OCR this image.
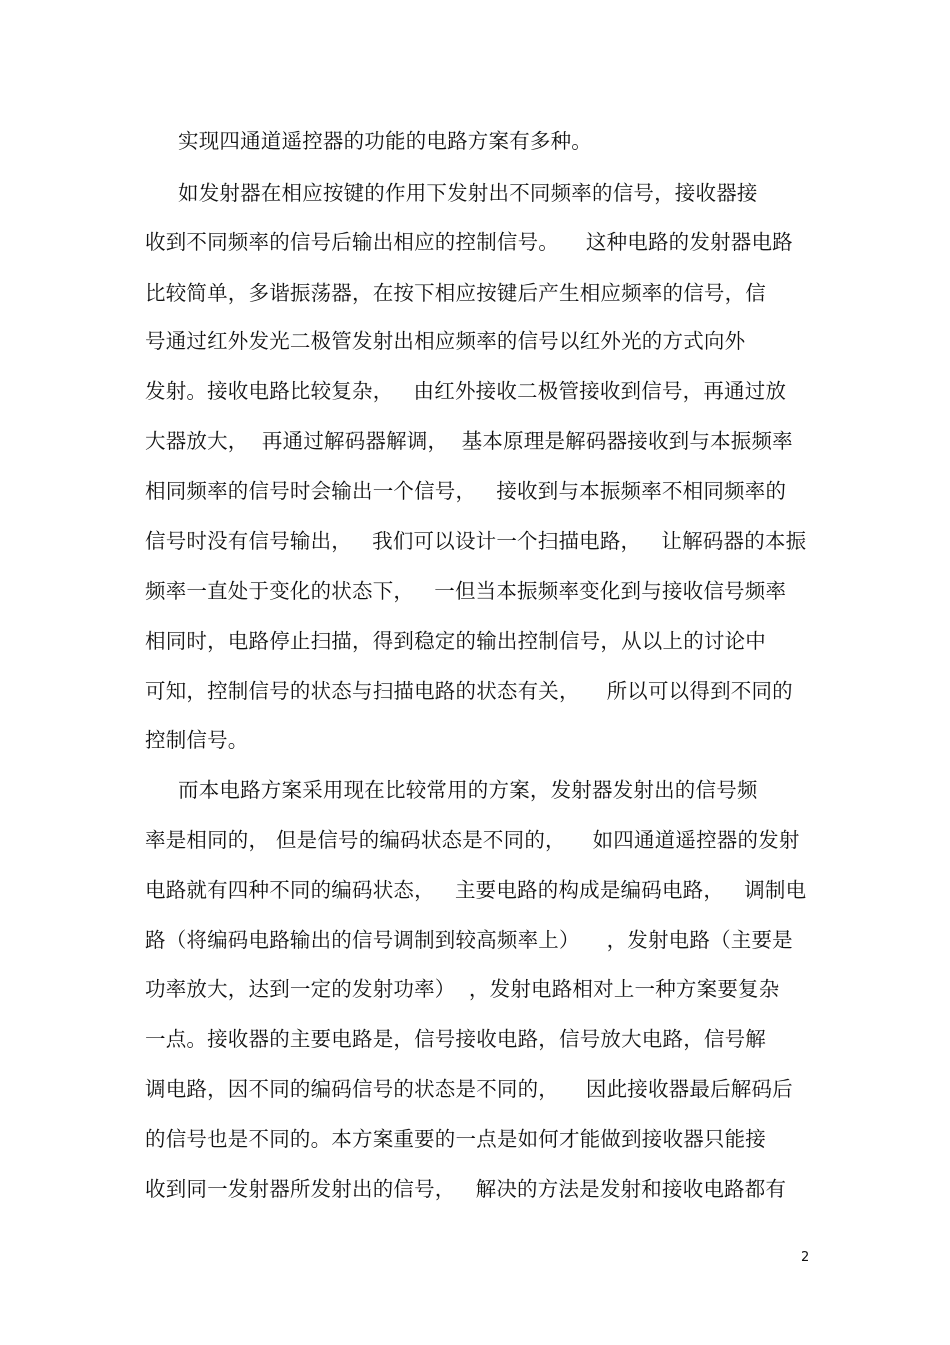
实现四通道遥控器的功能的电路方案有多种。
如发射器在相应按键的作用下发射出不同频率的信号，接收器接
收到不同频率的信号后输出相应的控制信号。    这种电路的发射器电路
比较简单，多谐振荡器，在按下相应按键后产生相应频率的信号，信
号通过红外发光二极管发射出相应频率的信号以红外光的方式向外
发射。接收电路比较复杂，   由红外接收二极管接收到信号，再通过放
大器放大，  再通过解码器解调，  基本原理是解码器接收到与本振频率
相同频率的信号时会输出一个信号，   接收到与本振频率不相同频率的
信号时没有信号输出，   我们可以设计一个扫描电路，   让解码器的本振
频率一直处于变化的状态下，   一但当本振频率变化到与接收信号频率
相同时，电路停止扫描，得到稳定的输出控制信号，从以上的讨论中
可知，控制信号的状态与扫描电路的状态有关，    所以可以得到不同的
控制信号。
而本电路方案采用现在比较常用的方案，发射器发射出的信号频
率是相同的， 但是信号的编码状态是不同的，    如四通道遥控器的发射
电路就有四种不同的编码状态，   主要电路的构成是编码电路，   调制电
路（将编码电路输出的信号调制到较高频率上）    ，发射电路（主要是
功率放大，达到一定的发射功率）  ，发射电路相对上一种方案要复杂
一点。接收器的主要电路是，信号接收电路，信号放大电路，信号解
调电路，因不同的编码信号的状态是不同的，    因此接收器最后解码后
的信号也是不同的。本方案重要的一点是如何才能做到接收器只能接
收到同一发射器所发射出的信号，   解决的方法是发射和接收电路都有
2
